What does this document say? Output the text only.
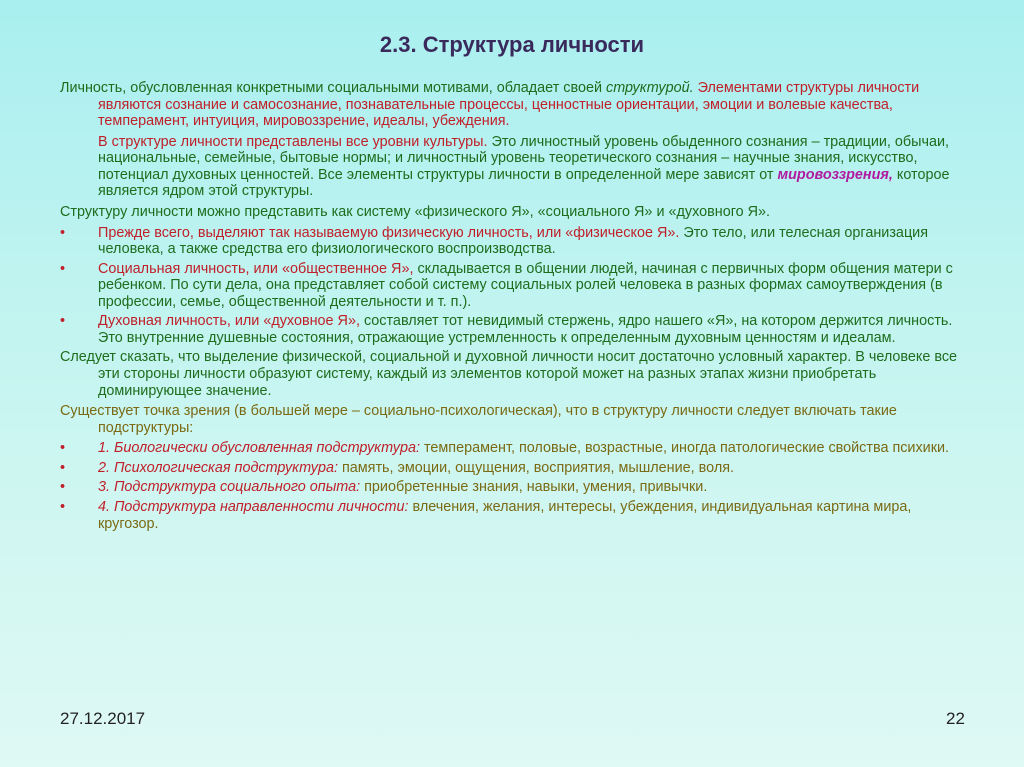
2.3. Структура личности

Личность, обусловленная конкретными социальными мотивами, обладает своей структурой. Элементами структуры личности являются сознание и самосознание, познавательные процессы, ценностные ориентации, эмоции и волевые качества, темперамент, интуиция, мировоззрение, идеалы, убеждения.

В структуре личности представлены все уровни культуры. Это личностный уровень обыденного сознания – традиции, обычаи, национальные, семейные, бытовые нормы; и личностный уровень теоретического сознания – научные знания, искусство, потенциал духовных ценностей. Все элементы структуры личности в определенной мере зависят от мировоззрения, которое является ядром этой структуры.

Структуру личности можно представить как систему «физического Я», «социального Я» и «духовного Я».

• Прежде всего, выделяют так называемую физическую личность, или «физическое Я». Это тело, или телесная организация человека, а также средства его физиологического воспроизводства.
• Социальная личность, или «общественное Я», складывается в общении людей, начиная с первичных форм общения матери с ребенком. По сути дела, она представляет собой систему социальных ролей человека в разных формах самоутверждения (в профессии, семье, общественной деятельности и т. п.).
• Духовная личность, или «духовное Я», составляет тот невидимый стержень, ядро нашего «Я», на котором держится личность. Это внутренние душевные состояния, отражающие устремленность к определенным духовным ценностям и идеалам.

Следует сказать, что выделение физической, социальной и духовной личности носит достаточно условный характер. В человеке все эти стороны личности образуют систему, каждый из элементов которой может на разных этапах жизни приобретать доминирующее значение.

Существует точка зрения (в большей мере – социально-психологическая), что в структуру личности следует включать такие подструктуры:

• 1. Биологически обусловленная подструктура: темперамент, половые, возрастные, иногда патологические свойства психики.
• 2. Психологическая подструктура: память, эмоции, ощущения, восприятия, мышление, воля.
• 3. Подструктура социального опыта: приобретенные знания, навыки, умения, привычки.
• 4. Подструктура направленности личности: влечения, желания, интересы, убеждения, индивидуальная картина мира, кругозор.
27.12.2017	22
